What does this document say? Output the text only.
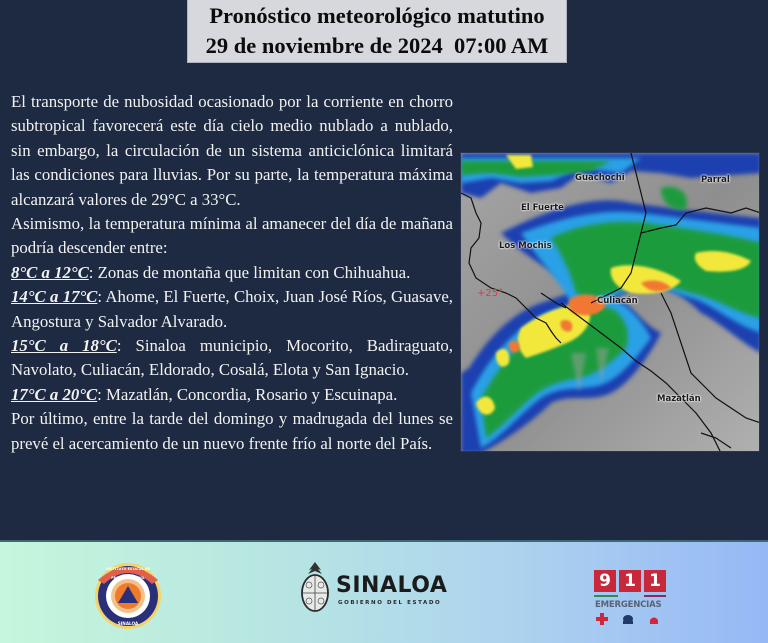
Pronóstico meteorológico matutino
29 de noviembre de 2024  07:00 AM

El transporte de nubosidad ocasionado por la corriente en chorro subtropical favorecerá este día cielo medio nublado a nublado, sin embargo, la circulación de un sistema anticiclónica limitará las condiciones para lluvias. Por su parte, la temperatura máxima alcanzará valores de 29°C a 33°C.

Asimismo, la temperatura mínima al amanecer del día de mañana podría descender entre:

8°C a 12°C: Zonas de montaña que limitan con Chihuahua.

14°C a 17°C: Ahome, El Fuerte, Choix, Juan José Ríos, Guasave, Angostura y Salvador Alvarado.

15°C a 18°C: Sinaloa municipio, Mocorito, Badiraguato, Navolato, Culiacán, Eldorado, Cosalá, Elota y San Ignacio.

17°C a 20°C: Mazatlán, Concordia, Rosario y Escuinapa.

Por último, entre la tarde del domingo y madrugada del lunes se prevé el acercamiento de un nuevo frente frío al norte del País.

Guachochi	Parral
El Fuerte
Los Mochis
Culiacán
Mazatlán
+25°
SINALOA
PROTECCIÓN CIVIL
INSTITUTO ESTATAL DE
SINALOA
GOBIERNO DEL ESTADO
9 1 1
EMERGENCIAS
